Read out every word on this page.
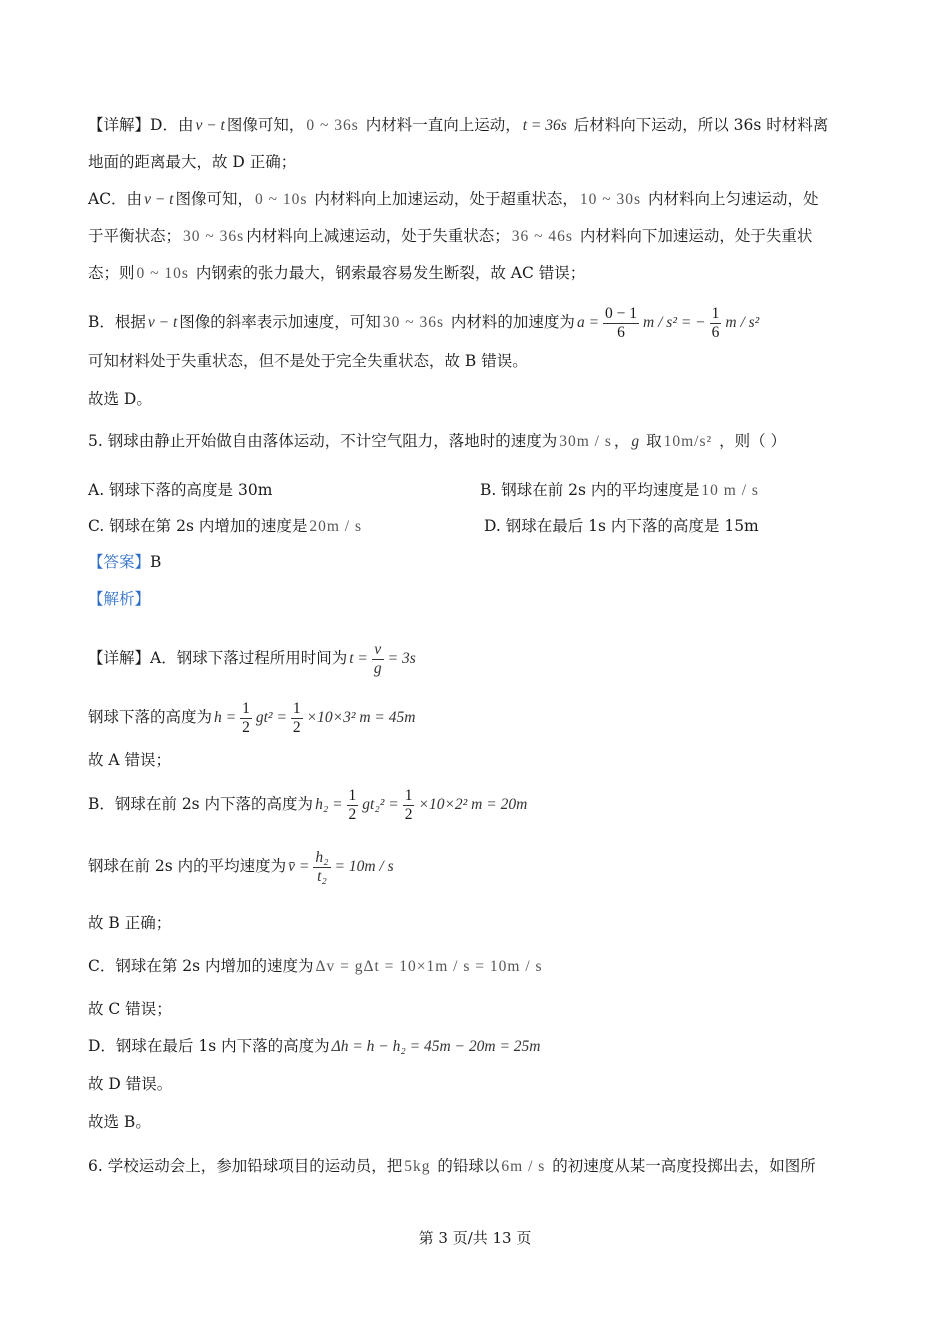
【详解】D．由 v − t 图像可知， 0 ~ 36s 内材料一直向上运动， t = 36s 后材料向下运动，所以 36s 时材料离
地面的距离最大，故 D 正确；
AC．由 v − t 图像可知， 0 ~ 10s 内材料向上加速运动，处于超重状态， 10 ~ 30s 内材料向上匀速运动，处
于平衡状态； 30 ~ 36s 内材料向上减速运动，处于失重状态； 36 ~ 46s 内材料向下加速运动，处于失重状
态；则 0 ~ 10s 内钢索的张力最大，钢索最容易发生断裂，故 AC 错误；
B．根据 v − t 图像的斜率表示加速度，可知 30 ~ 36s 内材料的加速度为 $a = \frac{0 - 1}{6}$ m / s² = − $\frac{1}{6}$ m / s²
可知材料处于失重状态，但不是处于完全失重状态，故 B 错误。
故选 D。
5. 钢球由静止开始做自由落体运动，不计空气阻力，落地时的速度为 30m / s ， g 取 10m/s² ，则（ ）
A. 钢球下落的高度是 30m	B. 钢球在前 2s 内的平均速度是 10 m / s
C. 钢球在第 2s 内增加的速度是 20m / s	D. 钢球在最后 1s 内下落的高度是 15m
【答案】B
【解析】
【详解】A．钢球下落过程所用时间为 $t = \frac{v}{g} = 3s$
钢球下落的高度为 $h = \frac{1}{2} gt^2 = \frac{1}{2} \times 10\times 3^2$ m = 45m
故 A 错误；
B．钢球在前 2s 内下落的高度为 $h_2 = \frac{1}{2} gt_2^2 = \frac{1}{2} \times 10\times 2^2$ m = 20m
钢球在前 2s 内的平均速度为 v̄ = $\frac{\text{h₂}}{\text{t₂}} = 10m / s$
故 B 正确；
C．钢球在第 2s 内增加的速度为 Δv = gΔt = 10×1m / s = 10m / s
故 C 错误；
D．钢球在最后 1s 内下落的高度为 Δh = h − h₂ = 45m − 20m = 25m
故 D 错误。
故选 B。
6. 学校运动会上，参加铅球项目的运动员，把 5kg 的铅球以 6m / s 的初速度从某一高度投掷出去，如图所
第 3 页/共 13 页
